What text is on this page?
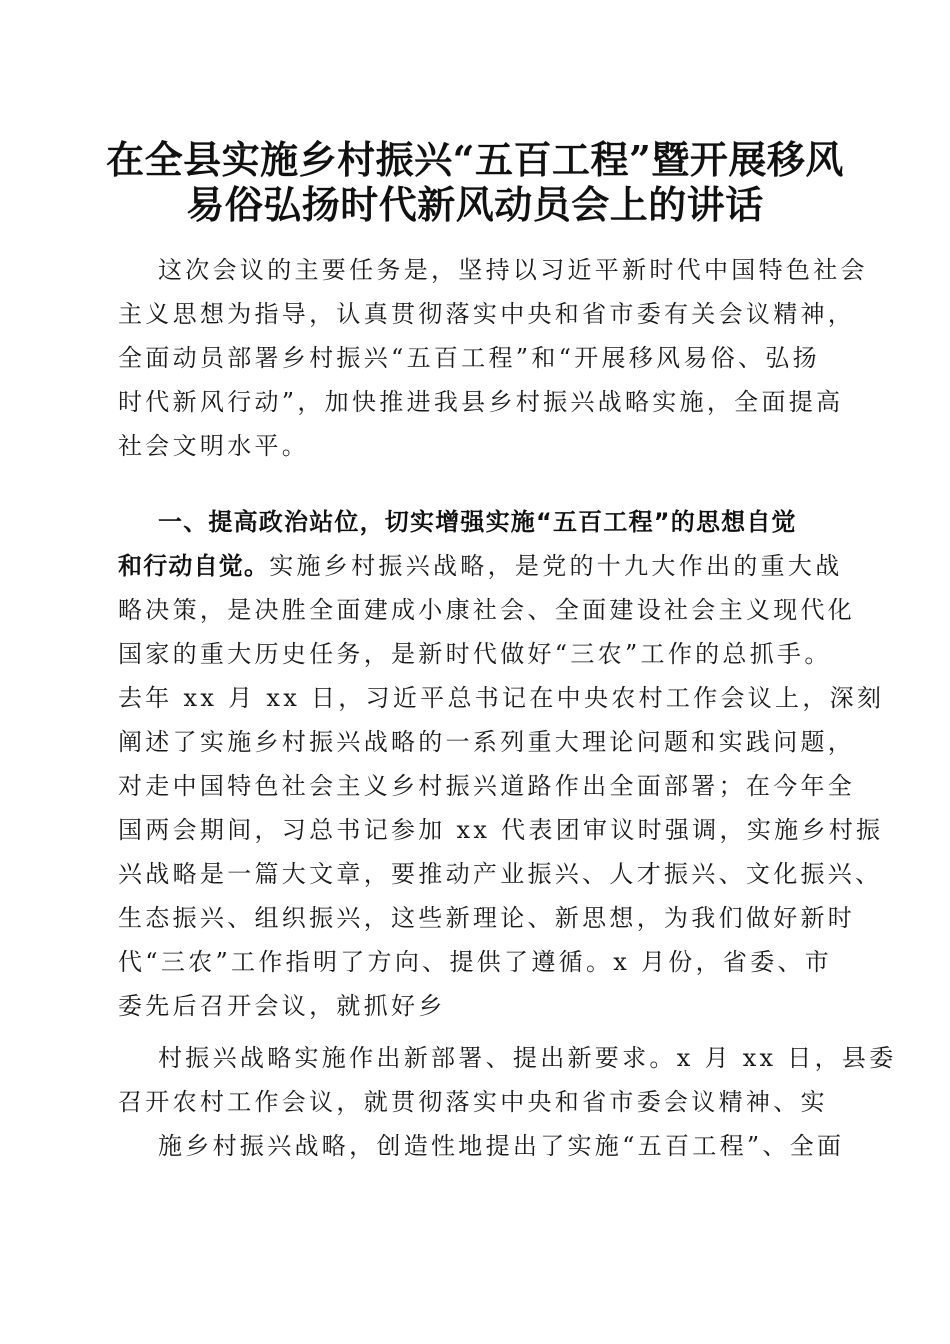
在全县实施乡村振兴“五百工程”暨开展移风
易俗弘扬时代新风动员会上的讲话
这次会议的主要任务是，坚持以习近平新时代中国特色社会
主义思想为指导，认真贯彻落实中央和省市委有关会议精神，
全面动员部署乡村振兴“五百工程”和“开展移风易俗、弘扬
时代新风行动”，加快推进我县乡村振兴战略实施，全面提高
社会文明水平。
一、提高政治站位，切实增强实施“五百工程”的思想自觉
和行动自觉。实施乡村振兴战略，是党的十九大作出的重大战
略决策，是决胜全面建成小康社会、全面建设社会主义现代化
国家的重大历史任务，是新时代做好“三农”工作的总抓手。
去年 xx 月 xx 日，习近平总书记在中央农村工作会议上，深刻
阐述了实施乡村振兴战略的一系列重大理论问题和实践问题，
对走中国特色社会主义乡村振兴道路作出全面部署；在今年全
国两会期间，习总书记参加 xx 代表团审议时强调，实施乡村振
兴战略是一篇大文章，要推动产业振兴、人才振兴、文化振兴、
生态振兴、组织振兴，这些新理论、新思想，为我们做好新时
代“三农”工作指明了方向、提供了遵循。x 月份，省委、市
委先后召开会议，就抓好乡
村振兴战略实施作出新部署、提出新要求。x 月 xx 日，县委
召开农村工作会议，就贯彻落实中央和省市委会议精神、实
施乡村振兴战略，创造性地提出了实施“五百工程”、全面
